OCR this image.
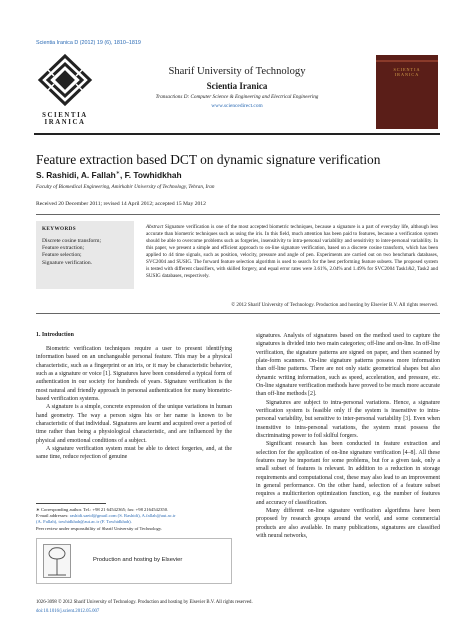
Scientia Iranica D (2012) 19 (6), 1810–1819
SCIENTIA
IRANICA
Sharif University of Technology
Scientia Iranica
Transactions D: Computer Science & Engineering and Electrical Engineering
www.sciencedirect.com
SCIENTIA
IRANICA
Feature extraction based DCT on dynamic signature verification
S. Rashidi, A. Fallah∗, F. Towhidkhah
Faculty of Biomedical Engineering, Amirkabir University of Technology, Tehran, Iran
Received 20 December 2011; revised 14 April 2012; accepted 15 May 2012
KEYWORDS
Discrete cosine transform;
Feature extraction;
Feature selection;
Signature verification.
Abstract Signature verification is one of the most accepted biometric techniques, because a signature is a part of everyday life, although less accurate than biometric techniques such as using the iris. In this field, much attention has been paid to features, because a verification system should be able to overcome problems such as forgeries, insensitivity to intra-personal variability and sensitivity to inter-personal variability. In this paper, we present a simple and efficient approach to on-line signature verification, based on a discrete cosine transform, which has been applied to 44 time signals, such as position, velocity, pressure and angle of pen. Experiments are carried out on two benchmark databases, SVC2004 and SUSIG. The forward feature selection algorithm is used to search for the best performing feature subsets. The proposed system is tested with different classifiers, with skilled forgery, and equal error rates were 3.61%, 2.04% and 1.49% for SVC2004 Task1&2, Task2 and SUSIG databases, respectively.
© 2012 Sharif University of Technology. Production and hosting by Elsevier B.V. All rights reserved.
1. Introduction

Biometric verification techniques require a user to present identifying information based on an unchangeable personal feature. This may be a physical characteristic, such as a fingerprint or an iris, or it may be characteristic behavior, such as a signature or voice [1]. Signatures have been considered a typical form of authentication in our society for hundreds of years. Signature verification is the most natural and friendly approach in personal authentication for many biometric-based verification systems.

A signature is a simple, concrete expression of the unique variations in human hand geometry. The way a person signs his or her name is known to be characteristic of that individual. Signatures are learnt and acquired over a period of time rather than being a physiological characteristic, and are influenced by the physical and emotional conditions of a subject.

A signature verification system must be able to detect forgeries, and, at the same time, reduce rejection of genuine

signatures. Analysis of signatures based on the method used to capture the signatures is divided into two main categories; off-line and on-line. In off-line verification, the signature patterns are signed on paper, and then scanned by plate-form scanners. On-line signature patterns possess more information than off-line patterns. There are not only static geometrical shapes but also dynamic writing information, such as speed, acceleration, and pressure, etc. On-line signature verification methods have proved to be much more accurate than off-line methods [2].

Signatures are subject to intra-personal variations. Hence, a signature verification system is feasible only if the system is insensitive to intra-personal variability, but sensitive to inter-personal variability [3]. Even when insensitive to intra-personal variations, the system must possess the discriminating power to foil skilful forgers.

Significant research has been conducted in feature extraction and selection for the application of on-line signature verification [4–8]. All these features may be important for some problems, but for a given task, only a small subset of features is relevant. In addition to a reduction in storage requirements and computational cost, these may also lead to an improvement in general performance. On the other hand, selection of a feature subset requires a multicriterion optimization function, e.g. the number of features and accuracy of classification.

Many different on-line signature verification algorithms have been proposed by research groups around the world, and some commercial products are also available. In many publications, signatures are classified with neural networks,

∗ Corresponding author. Tel.: +98 21 64542365; fax: +98 2164542350.
E-mail addresses: rashidi.saeid@gmail.com (S. Rashidi), A.fallah@aut.ac.ir
(A. Fallah), towhidkhah@aut.ac.ir (F. Towhidkhah).
Peer review under responsibility of Sharif University of Technology.
Production and hosting by Elsevier
1026-3098 © 2012 Sharif University of Technology. Production and hosting by Elsevier B.V. All rights reserved.
doi:10.1016/j.scient.2012.05.007
